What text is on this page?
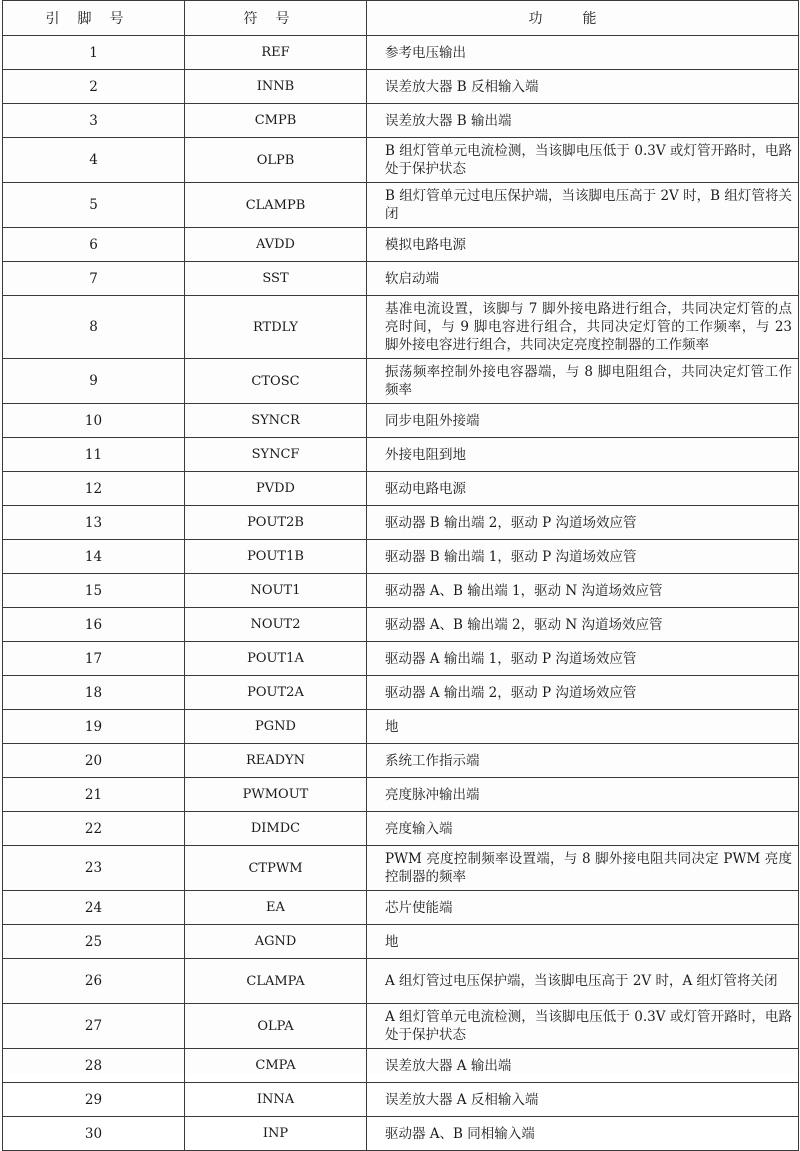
引脚号	符号	功能
1	REF	参考电压输出
2	INNB	误差放大器 B 反相输入端
3	CMPB	误差放大器 B 输出端
4	OLPB	B 组灯管单元电流检测，当该脚电压低于 0.3V 或灯管开路时，电路处于保护状态
5	CLAMPB	B 组灯管单元过电压保护端，当该脚电压高于 2V 时，B 组灯管将关闭
6	AVDD	模拟电路电源
7	SST	软启动端
8	RTDLY	基准电流设置，该脚与 7 脚外接电路进行组合，共同决定灯管的点亮时间，与 9 脚电容进行组合，共同决定灯管的工作频率，与 23 脚外接电容进行组合，共同决定亮度控制器的工作频率
9	CTOSC	振荡频率控制外接电容器端，与 8 脚电阻组合，共同决定灯管工作频率
10	SYNCR	同步电阻外接端
11	SYNCF	外接电阻到地
12	PVDD	驱动电路电源
13	POUT2B	驱动器 B 输出端 2，驱动 P 沟道场效应管
14	POUT1B	驱动器 B 输出端 1，驱动 P 沟道场效应管
15	NOUT1	驱动器 A、B 输出端 1，驱动 N 沟道场效应管
16	NOUT2	驱动器 A、B 输出端 2，驱动 N 沟道场效应管
17	POUT1A	驱动器 A 输出端 1，驱动 P 沟道场效应管
18	POUT2A	驱动器 A 输出端 2，驱动 P 沟道场效应管
19	PGND	地
20	READYN	系统工作指示端
21	PWMOUT	亮度脉冲输出端
22	DIMDC	亮度输入端
23	CTPWM	PWM 亮度控制频率设置端，与 8 脚外接电阻共同决定 PWM 亮度控制器的频率
24	EA	芯片使能端
25	AGND	地
26	CLAMPA	A 组灯管过电压保护端，当该脚电压高于 2V 时，A 组灯管将关闭
27	OLPA	A 组灯管单元电流检测，当该脚电压低于 0.3V 或灯管开路时，电路处于保护状态
28	CMPA	误差放大器 A 输出端
29	INNA	误差放大器 A 反相输入端
30	INP	驱动器 A、B 同相输入端
